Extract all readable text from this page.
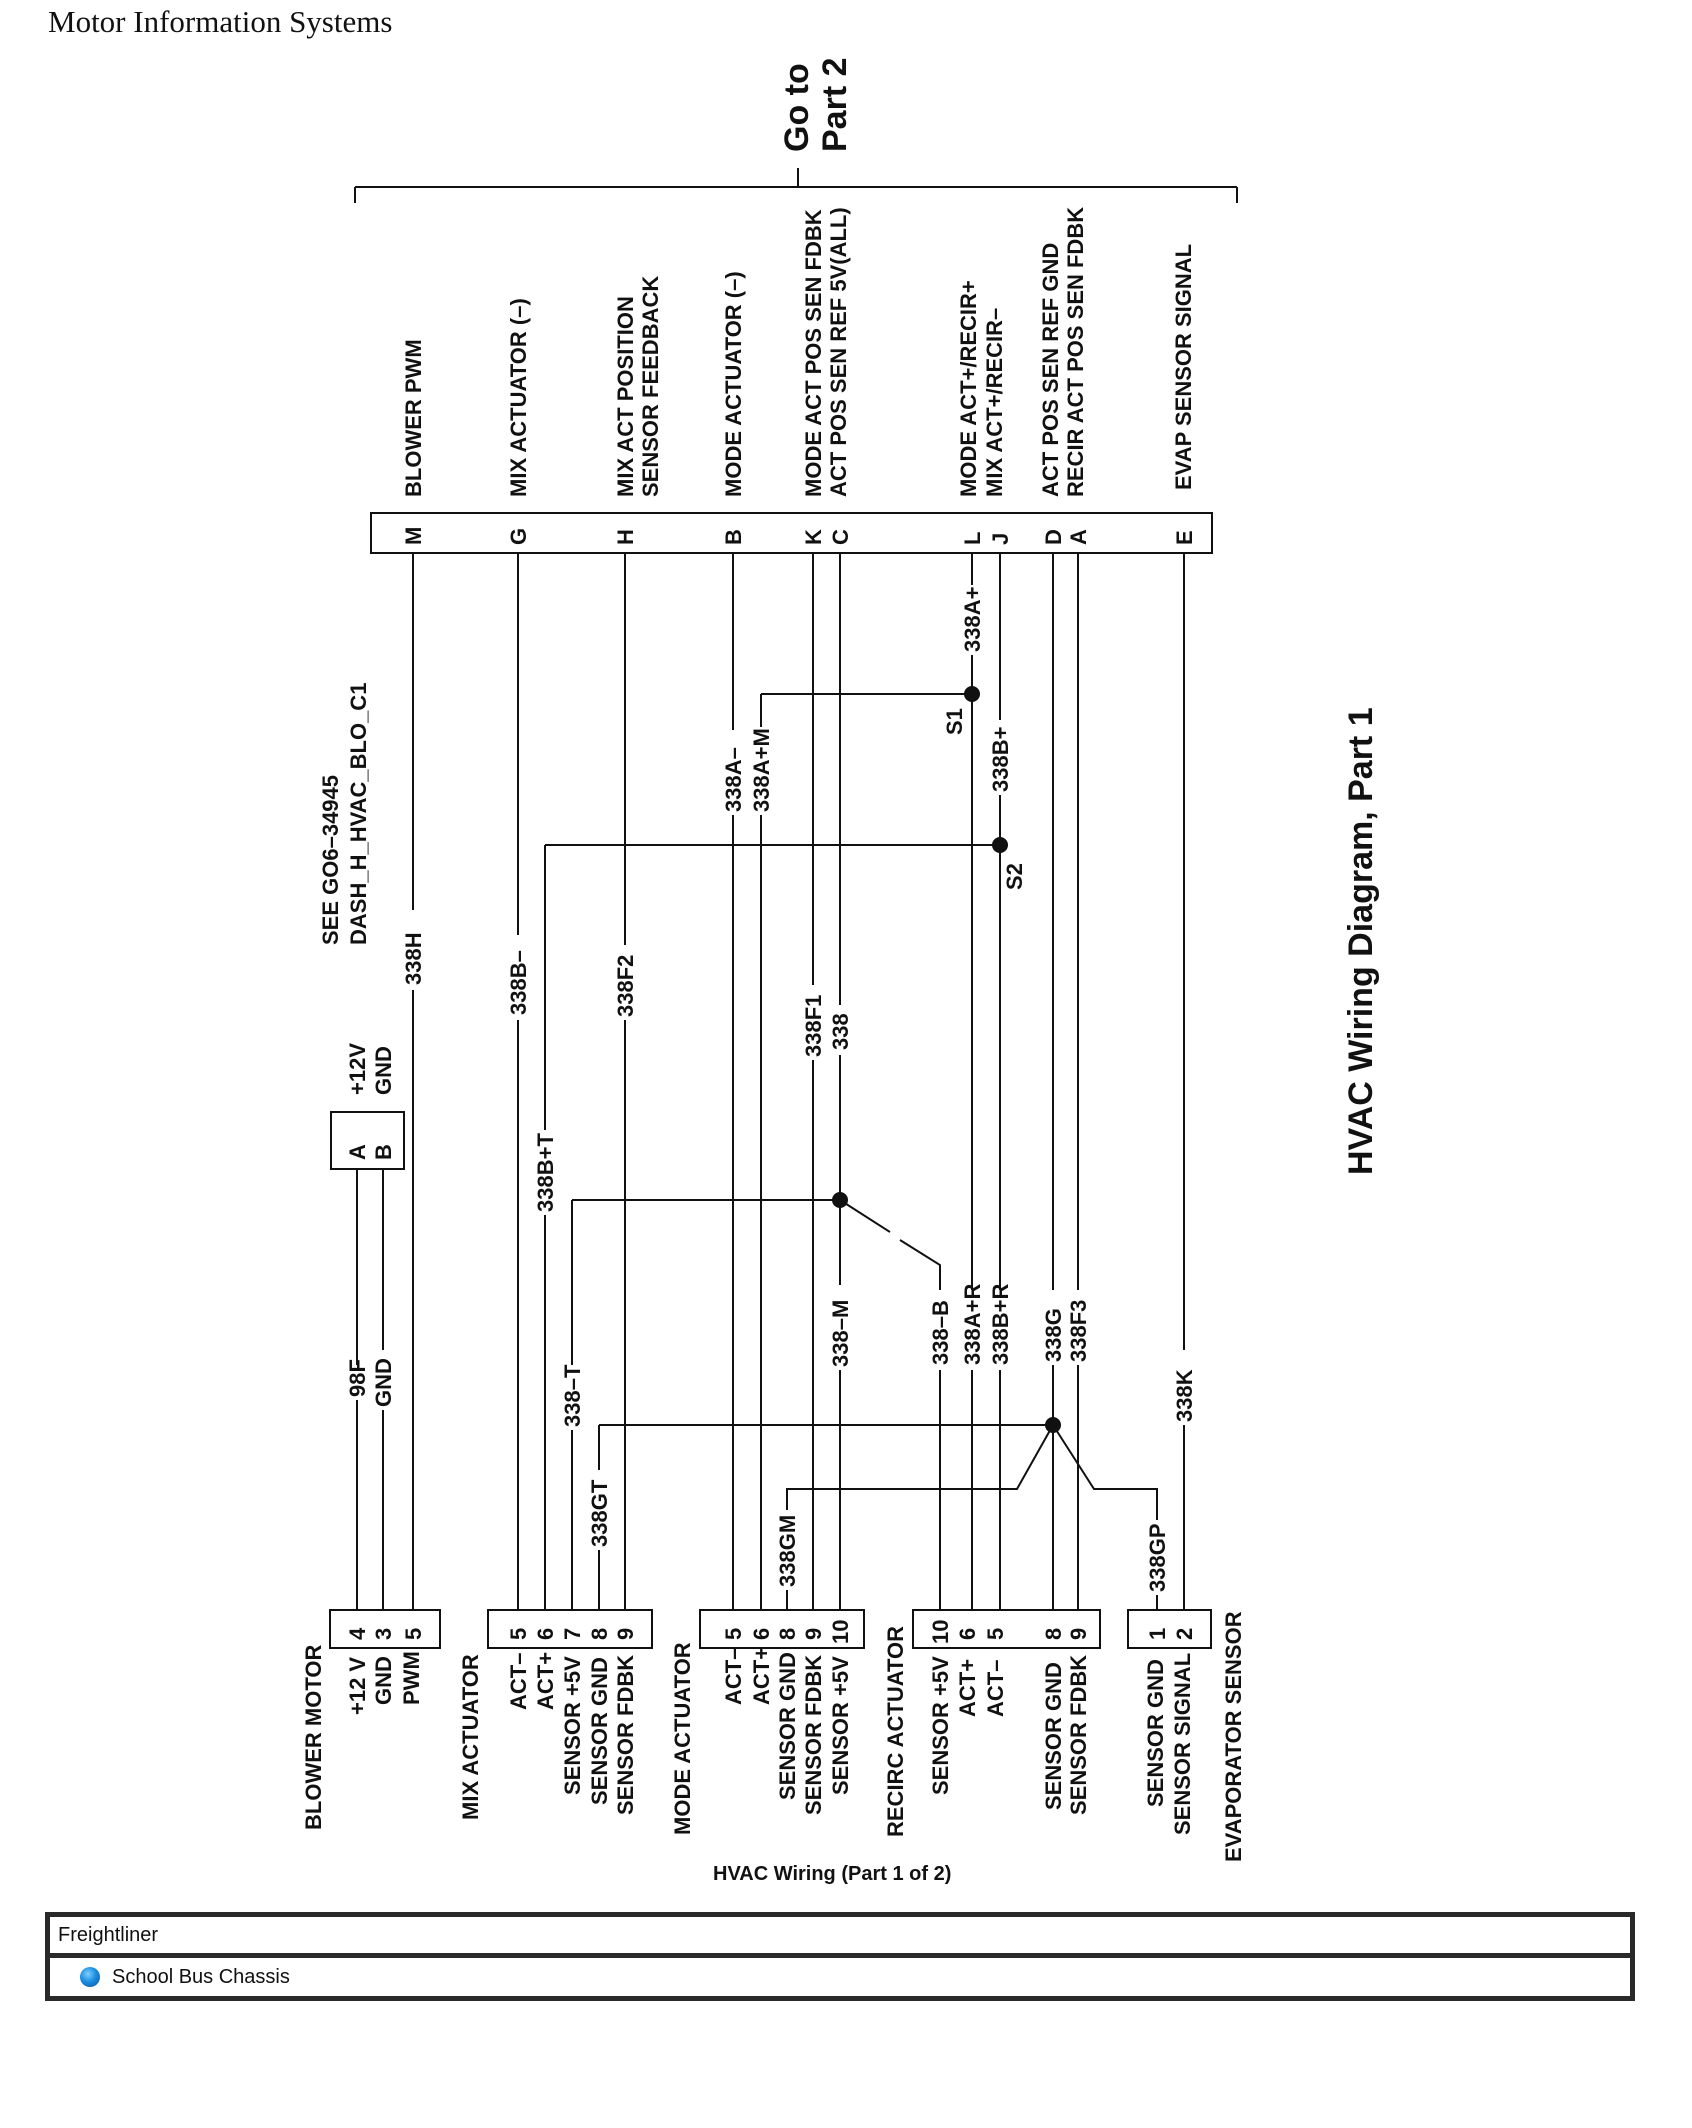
Motor Information Systems
Go to Part 2
BLOWER PWM	MIX ACTUATOR (–)	MIX ACT POSITION SENSOR FEEDBACK	MODE ACTUATOR (–)	MODE ACT POS SEN FDBK ACT POS SEN REF 5V(ALL)	MODE ACT+/RECIR+ MIX ACT+/RECIR– ACT POS SEN REF GND RECIR ACT POS SEN FDBK	EVAP SENSOR SIGNAL
M	G	H	B	K C	L J D A	E
SEE GO6–34945 DASH_H_HVAC_BLO_C1	S1
S2
338H	338B–	338F2
338A– 338A+M
338A+
338B+
338F1 338
338B+T
98F GND	338–T
338–M	338–B 338A+R 338B+R 338G 338F3
338K
338GT
338GM	338GP
A B
+12V GND
4 3 5
BLOWER MOTOR +12 V GND PWM
5 6 7 8 9
MIX ACTUATOR ACT– ACT+ SENSOR +5V SENSOR GND SENSOR FDBK
5 6 8 9 10
MODE ACTUATOR ACT– ACT+ SENSOR GND SENSOR FDBK SENSOR +5V
10 6 5 8 9
RECIRC ACTUATOR SENSOR +5V ACT+ ACT– SENSOR GND SENSOR FDBK
1 2
SENSOR GND SENSOR SIGNAL EVAPORATOR SENSOR
HVAC Wiring Diagram, Part 1
HVAC Wiring (Part 1 of 2)
Freightliner
School Bus Chassis
